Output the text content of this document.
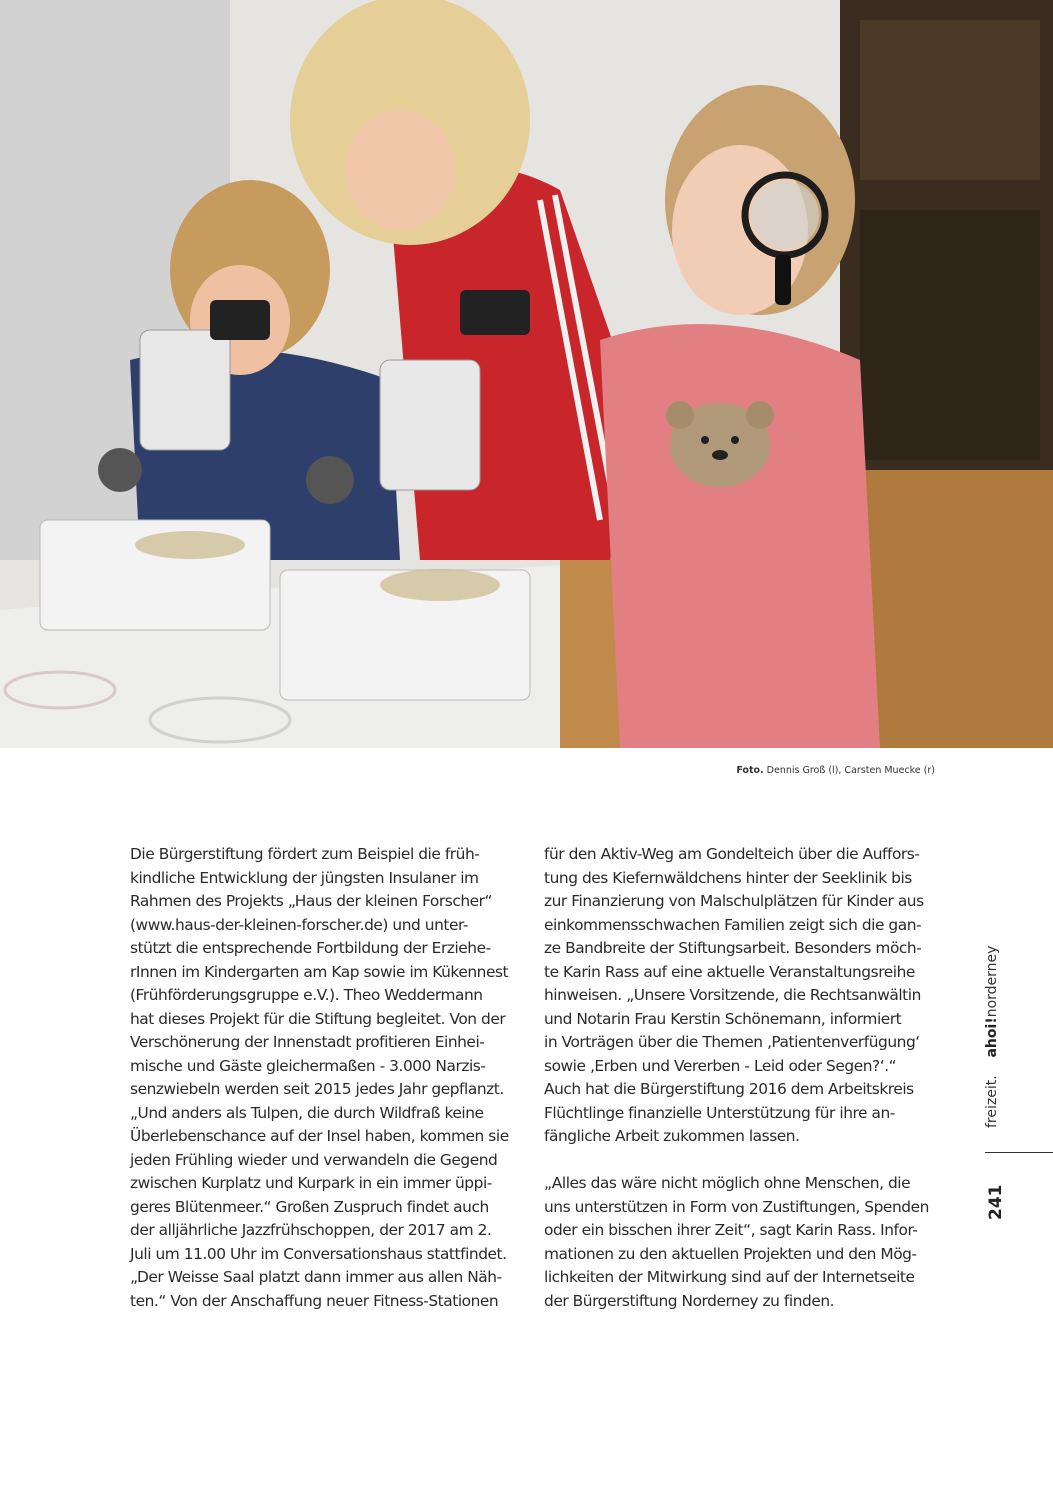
Foto. Dennis Groß (l), Carsten Muecke (r)
Die Bürgerstiftung fördert zum Beispiel die früh-
kindliche Entwicklung der jüngsten Insulaner im
Rahmen des Projekts „Haus der kleinen Forscher“
(www.haus-der-kleinen-forscher.de) und unter-
stützt die entsprechende Fortbildung der Erziehe-
rInnen im Kindergarten am Kap sowie im Kükennest
(Frühförderungsgruppe e.V.). Theo Weddermann
hat dieses Projekt für die Stiftung begleitet. Von der
Verschönerung der Innenstadt profitieren Einhei-
mische und Gäste gleichermaßen - 3.000 Narzis-
senzwiebeln werden seit 2015 jedes Jahr gepflanzt.
„Und anders als Tulpen, die durch Wildfraß keine
Überlebenschance auf der Insel haben, kommen sie
jeden Frühling wieder und verwandeln die Gegend
zwischen Kurplatz und Kurpark in ein immer üppi-
geres Blütenmeer.“ Großen Zuspruch findet auch
der alljährliche Jazzfrühschoppen, der 2017 am 2.
Juli um 11.00 Uhr im Conversationshaus stattfindet.
„Der Weisse Saal platzt dann immer aus allen Näh-
ten.“ Von der Anschaffung neuer Fitness-Stationen
für den Aktiv-Weg am Gondelteich über die Auffors-
tung des Kiefernwäldchens hinter der Seeklinik bis
zur Finanzierung von Malschulplätzen für Kinder aus
einkommensschwachen Familien zeigt sich die gan-
ze Bandbreite der Stiftungsarbeit. Besonders möch-
te Karin Rass auf eine aktuelle Veranstaltungsreihe
hinweisen. „Unsere Vorsitzende, die Rechtsanwältin
und Notarin Frau Kerstin Schönemann, informiert
in Vorträgen über die Themen ‚Patientenverfügung‘
sowie ‚Erben und Vererben - Leid oder Segen?‘.“
Auch hat die Bürgerstiftung 2016 dem Arbeitskreis
Flüchtlinge finanzielle Unterstützung für ihre an-
fängliche Arbeit zukommen lassen.
„Alles das wäre nicht möglich ohne Menschen, die
uns unterstützen in Form von Zustiftungen, Spenden
oder ein bisschen ihrer Zeit“, sagt Karin Rass. Infor-
mationen zu den aktuellen Projekten und den Mög-
lichkeiten der Mitwirkung sind auf der Internetseite
der Bürgerstiftung Norderney zu finden.
freizeit.    ahoi!norderney
241
